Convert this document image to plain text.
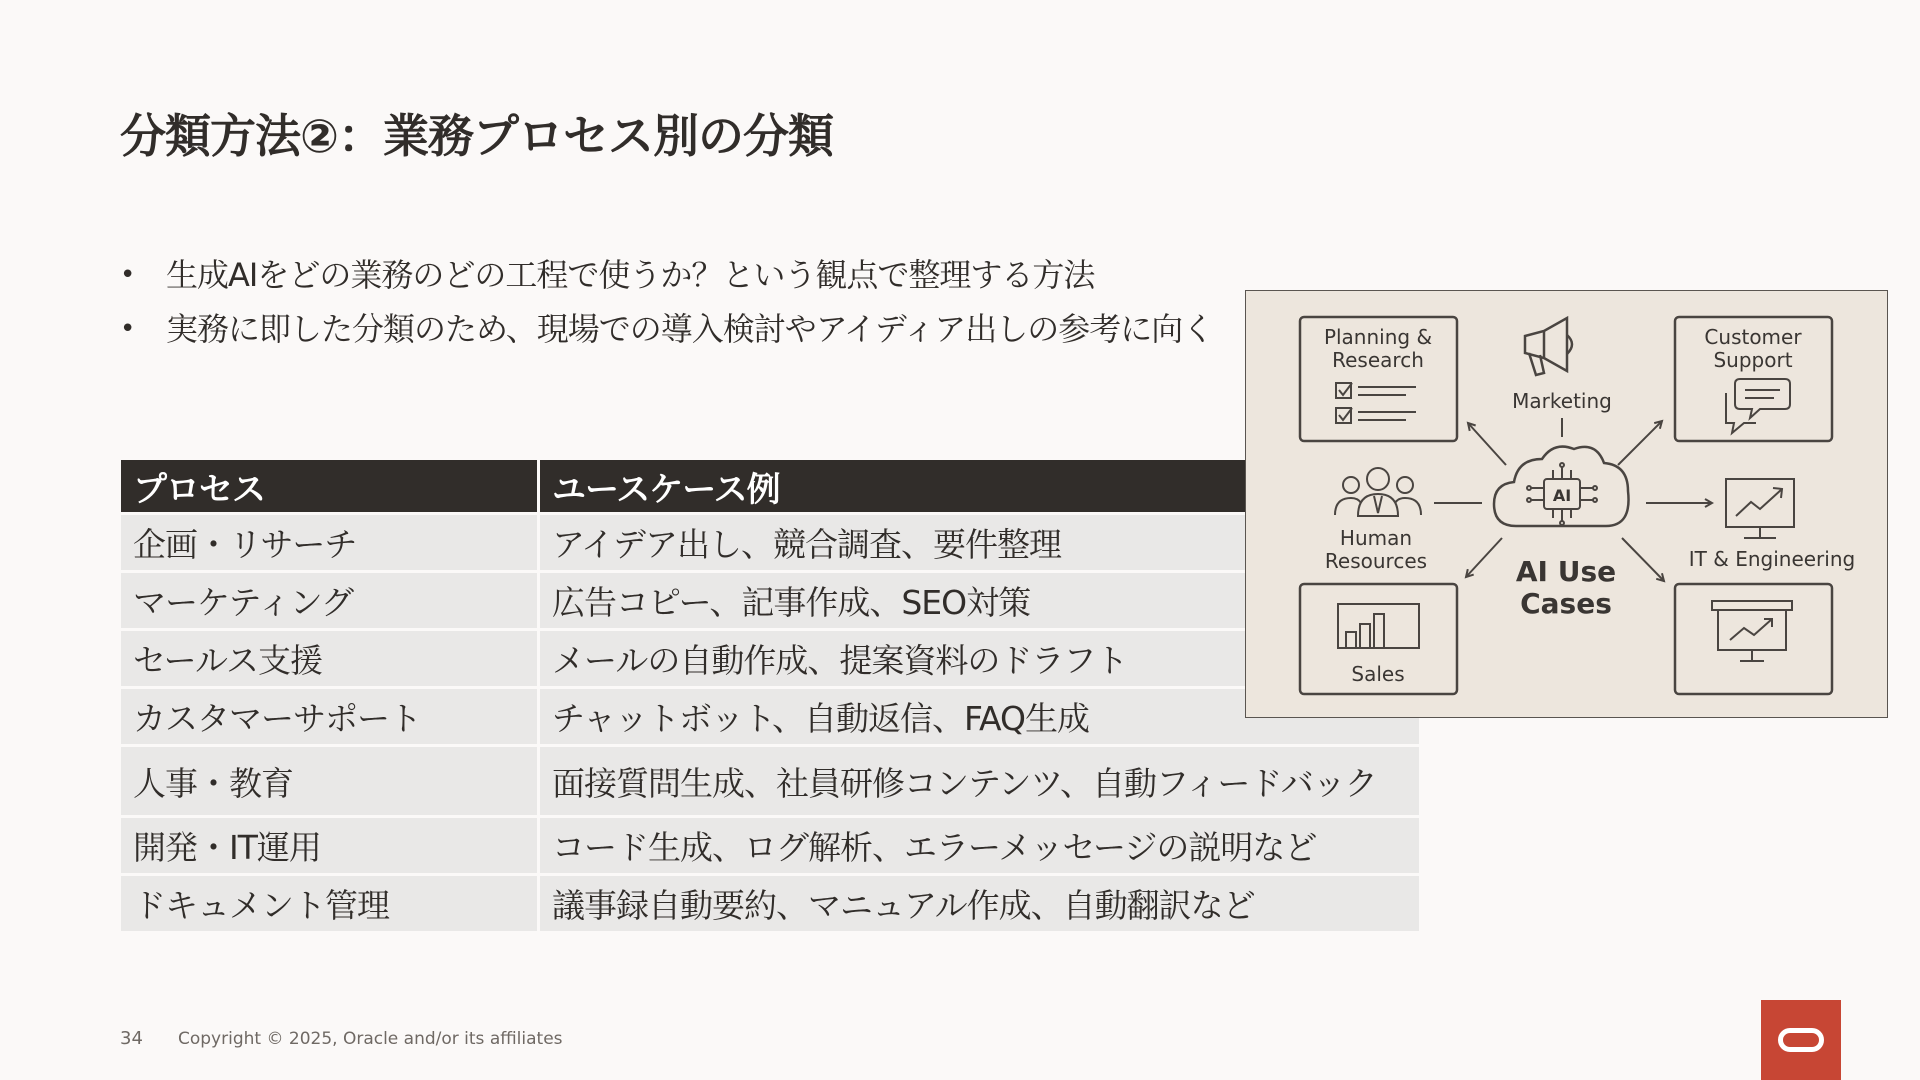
分類方法②：業務プロセス別の分類
• 生成AIをどの業務のどの工程で使うか？という観点で整理する方法
• 実務に即した分類のため、現場での導入検討やアイディア出しの参考に向く
プロセス	ユースケース例
企画・リサーチ	アイデア出し、競合調査、要件整理
マーケティング	広告コピー、記事作成、SEO対策
セールス支援	メールの自動作成、提案資料のドラフト
カスタマーサポート	チャットボット、自動返信、FAQ生成
人事・教育	面接質問生成、社員研修コンテンツ、自動フィードバック
開発・IT運用	コード生成、ログ解析、エラーメッセージの説明など
ドキュメント管理	議事録自動要約、マニュアル作成、自動翻訳など
Planning &
Research
Marketing
Customer
Support
Human
Resources	IT & Engineering
Sales
AI
AI Use
Cases
34 Copyright © 2025, Oracle and/or its affiliates
